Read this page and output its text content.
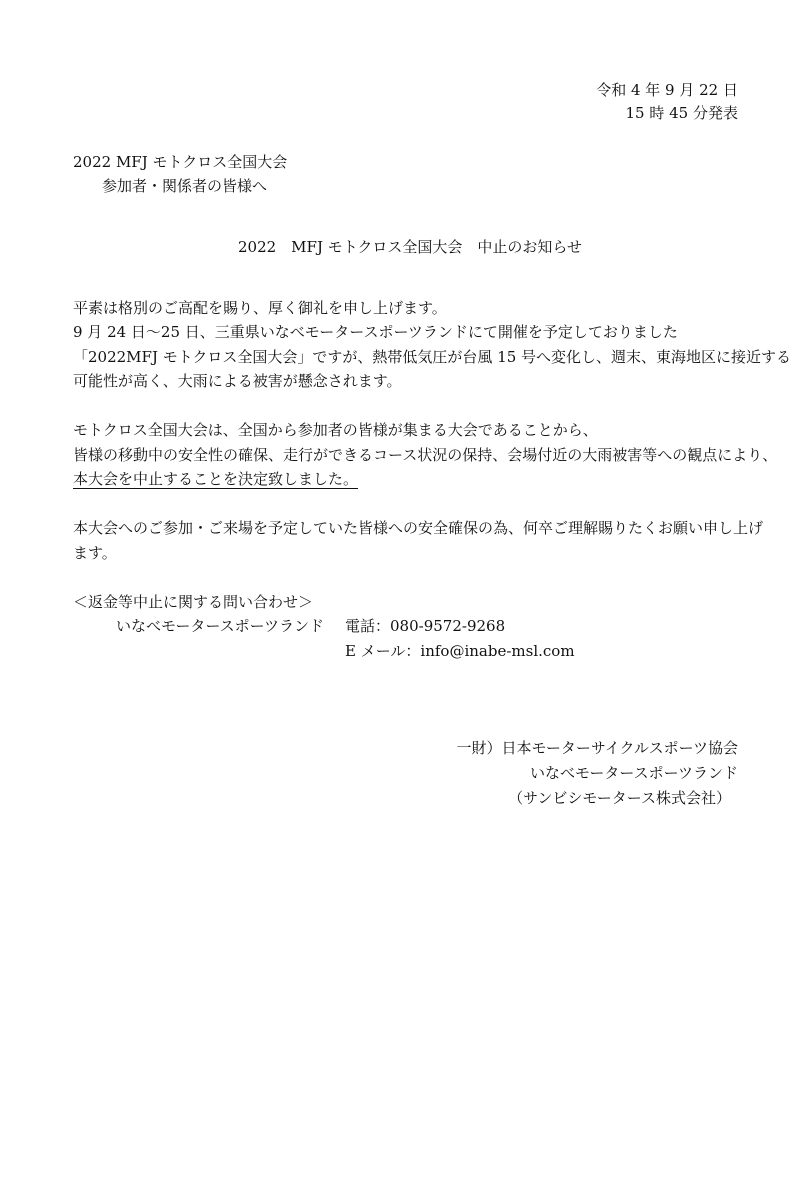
令和 4 年 9 月 22 日
15 時 45 分発表
2022 MFJ モトクロス全国大会
参加者・関係者の皆様へ
2022　MFJ モトクロス全国大会　中止のお知らせ
平素は格別のご高配を賜り、厚く御礼を申し上げます。
9 月 24 日〜25 日、三重県いなべモータースポーツランドにて開催を予定しておりました
「2022MFJ モトクロス全国大会」ですが、熱帯低気圧が台風 15 号へ変化し、週末、東海地区に接近する
可能性が高く、大雨による被害が懸念されます。
モトクロス全国大会は、全国から参加者の皆様が集まる大会であることから、
皆様の移動中の安全性の確保、走行ができるコース状況の保持、会場付近の大雨被害等への観点により、
本大会を中止することを決定致しました。
本大会へのご参加・ご来場を予定していた皆様への安全確保の為、何卒ご理解賜りたくお願い申し上げ
ます。
＜返金等中止に関する問い合わせ＞
いなべモータースポーツランド 電話：080-9572-9268
E メール：info@inabe-msl.com
一財）日本モーターサイクルスポーツ協会
いなべモータースポーツランド
（サンビシモータース株式会社）
